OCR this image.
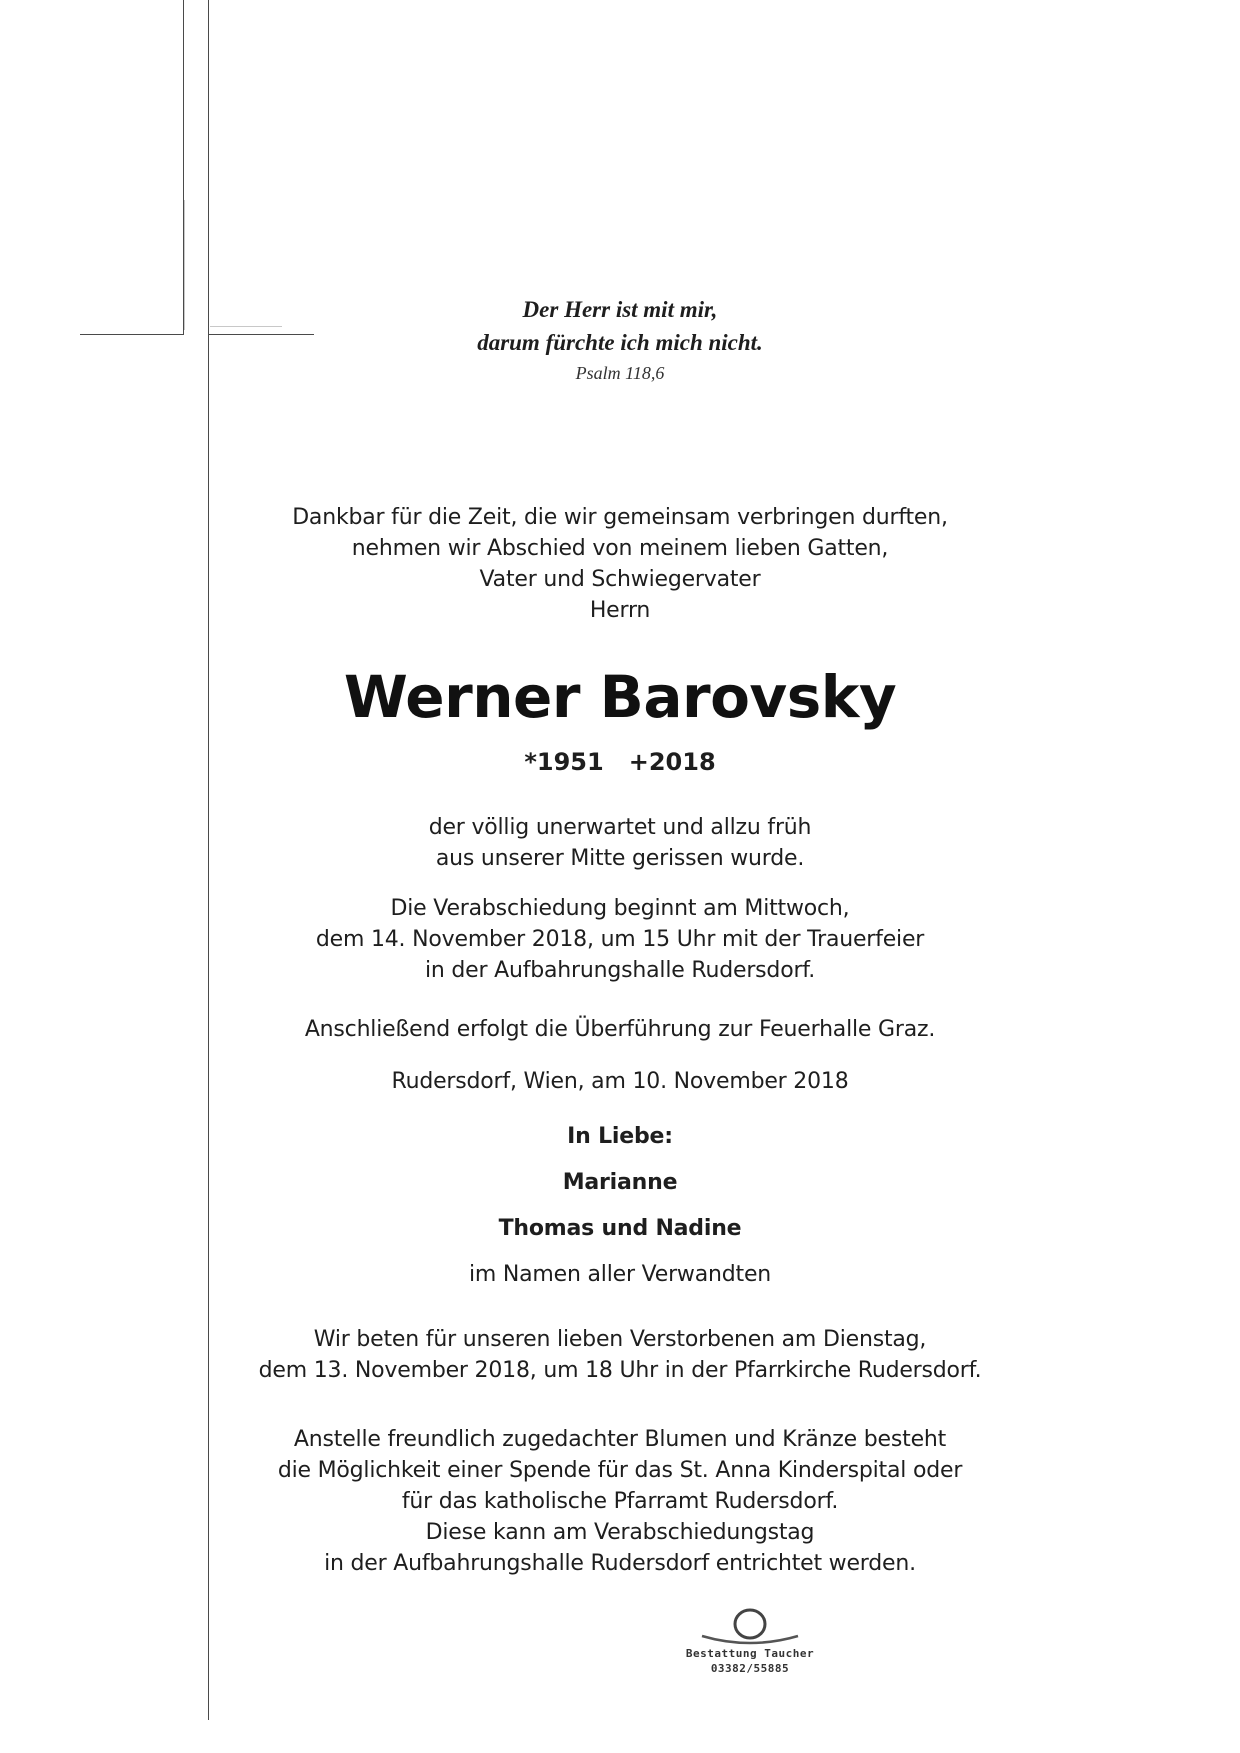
Der Herr ist mit mir,
darum fürchte ich mich nicht.
Psalm 118,6
Dankbar für die Zeit, die wir gemeinsam verbringen durften,
nehmen wir Abschied von meinem lieben Gatten,
Vater und Schwiegervater
Herrn
Werner Barovsky
*1951   +2018
der völlig unerwartet und allzu früh
aus unserer Mitte gerissen wurde.
Die Verabschiedung beginnt am Mittwoch,
dem 14. November 2018, um 15 Uhr mit der Trauerfeier
in der Aufbahrungshalle Rudersdorf.
Anschließend erfolgt die Überführung zur Feuerhalle Graz.
Rudersdorf, Wien, am 10. November 2018
In Liebe:
Marianne
Thomas und Nadine
im Namen aller Verwandten
Wir beten für unseren lieben Verstorbenen am Dienstag,
dem 13. November 2018, um 18 Uhr in der Pfarrkirche Rudersdorf.
Anstelle freundlich zugedachter Blumen und Kränze besteht
die Möglichkeit einer Spende für das St. Anna Kinderspital oder
für das katholische Pfarramt Rudersdorf.
Diese kann am Verabschiedungstag
in der Aufbahrungshalle Rudersdorf entrichtet werden.
Bestattung Taucher
03382/55885
